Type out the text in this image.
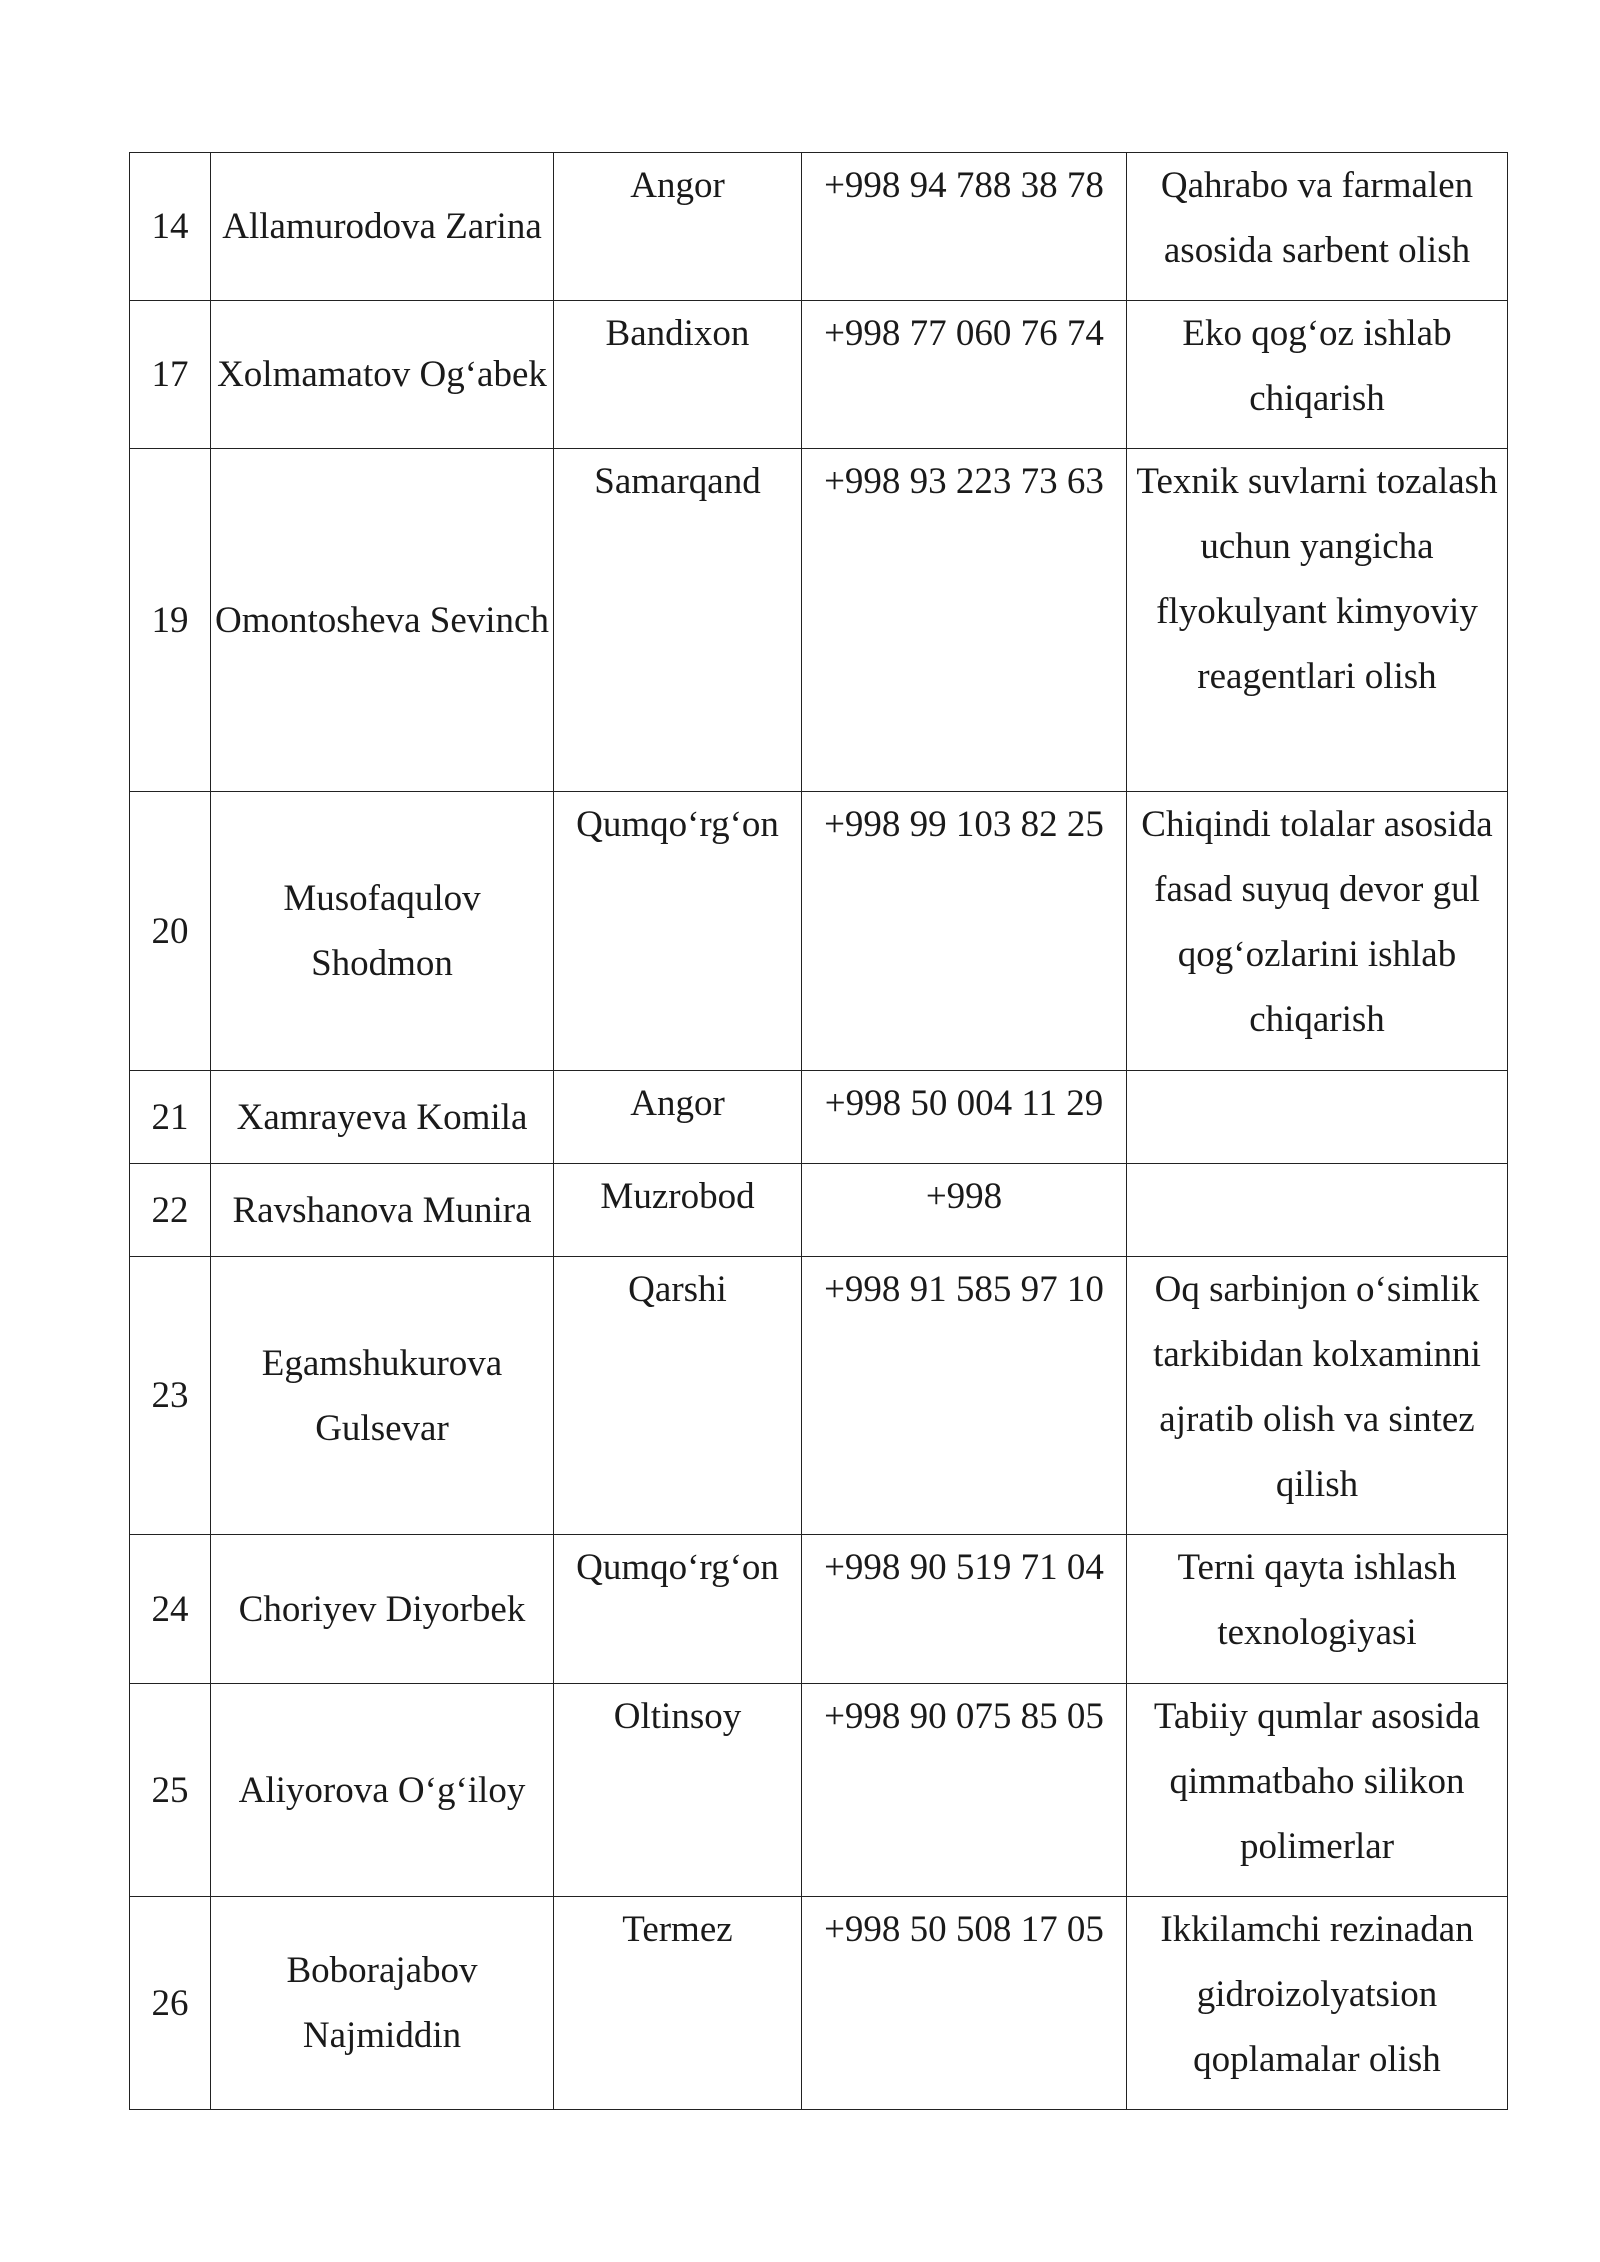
14	Allamurodova Zarina	Angor	+998 94 788 38 78	Qahrabo va farmalen asosida sarbent olish
17	Xolmamatov Og‘abek	Bandixon	+998 77 060 76 74	Eko qog‘oz ishlab chiqarish
19	Omontosheva Sevinch	Samarqand	+998 93 223 73 63	Texnik suvlarni tozalash uchun yangicha flyokulyant kimyoviy reagentlari olish
20	Musofaqulov Shodmon	Qumqo‘rg‘on	+998 99 103 82 25	Chiqindi tolalar asosida fasad suyuq devor gul qog‘ozlarini ishlab chiqarish
21	Xamrayeva Komila	Angor	+998 50 004 11 29	
22	Ravshanova Munira	Muzrobod	+998	
23	Egamshukurova Gulsevar	Qarshi	+998 91 585 97 10	Oq sarbinjon o‘simlik tarkibidan kolxaminni ajratib olish va sintez qilish
24	Choriyev Diyorbek	Qumqo‘rg‘on	+998 90 519 71 04	Terni qayta ishlash texnologiyasi
25	Aliyorova O‘g‘iloy	Oltinsoy	+998 90 075 85 05	Tabiiy qumlar asosida qimmatbaho silikon polimerlar
26	Boborajabov Najmiddin	Termez	+998 50 508 17 05	Ikkilamchi rezinadan gidroizolyatsion qoplamalar olish
